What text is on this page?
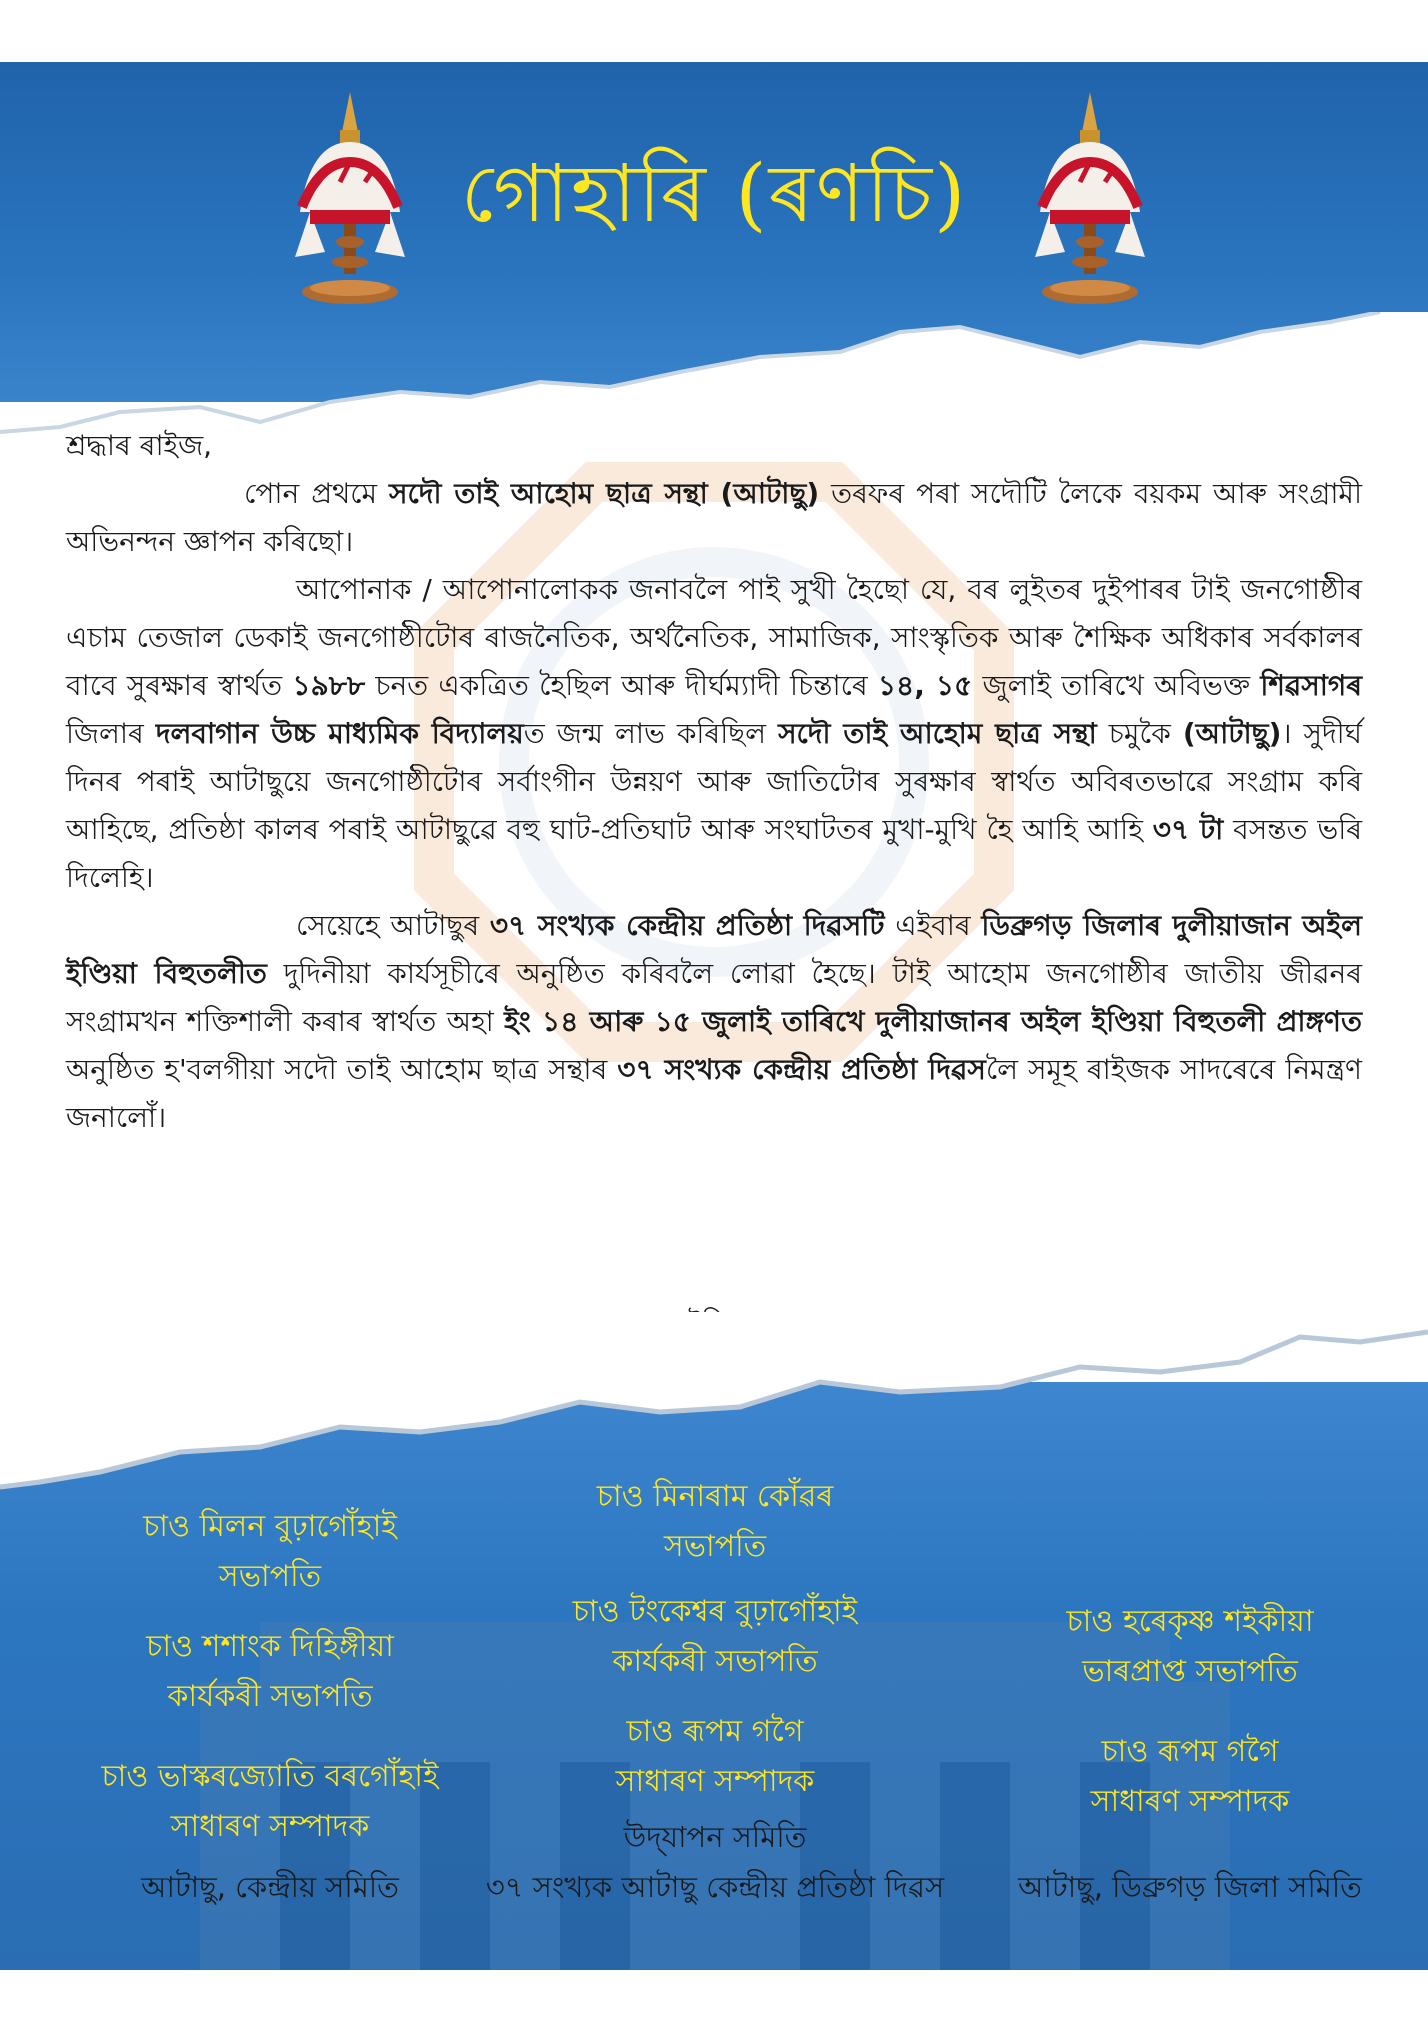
গোহাৰি (ৰণচি)

শ্ৰদ্ধাৰ ৰাইজ,

পোন প্ৰথমে সদৌ তাই আহোম ছাত্ৰ সন্থা (আটাছু) তৰফৰ পৰা সদৌটি লৈকে বয়কম আৰু সংগ্ৰামী অভিনন্দন জ্ঞাপন কৰিছো।

আপোনাক / আপোনালোকক জনাবলৈ পাই সুখী হৈছো যে, বৰ লুইতৰ দুইপাৰৰ টাই জনগোষ্ঠীৰ এচাম তেজাল ডেকাই জনগোষ্ঠীটোৰ ৰাজনৈতিক, অৰ্থনৈতিক, সামাজিক, সাংস্কৃতিক আৰু শৈক্ষিক অধিকাৰ সৰ্বকালৰ বাবে সুৰক্ষাৰ স্বাৰ্থত ১৯৮৮ চনত একত্ৰিত হৈছিল আৰু দীৰ্ঘম্যাদী চিন্তাৰে ১৪, ১৫ জুলাই তাৰিখে অবিভক্ত শিৱসাগৰ জিলাৰ দলবাগান উচ্চ মাধ্যমিক বিদ্যালয়ত জন্ম লাভ কৰিছিল সদৌ তাই আহোম ছাত্ৰ সন্থা চমুকৈ (আটাছু)। সুদীৰ্ঘ দিনৰ পৰাই আটাছুয়ে জনগোষ্ঠীটোৰ সৰ্বাংগীন উন্নয়ণ আৰু জাতিটোৰ সুৰক্ষাৰ স্বাৰ্থত অবিৰতভাৱে সংগ্ৰাম কৰি আহিছে, প্ৰতিষ্ঠা কালৰ পৰাই আটাছুৱে বহু ঘাট-প্ৰতিঘাট আৰু সংঘাটতৰ মুখা-মুখি হৈ আহি আহি ৩৭ টা বসন্তত ভৰি দিলেহি।

সেয়েহে আটাছুৰ ৩৭ সংখ্যক কেন্দ্ৰীয় প্ৰতিষ্ঠা দিৱসটি এইবাৰ ডিব্ৰুগড় জিলাৰ দুলীয়াজান অইল ইণ্ডিয়া বিহুতলীত দুদিনীয়া কাৰ্যসূচীৰে অনুষ্ঠিত কৰিবলৈ লোৱা হৈছে। টাই আহোম জনগোষ্ঠীৰ জাতীয় জীৱনৰ সংগ্ৰামখন শক্তিশালী কৰাৰ স্বাৰ্থত অহা ইং ১৪ আৰু ১৫ জুলাই তাৰিখে দুলীয়াজানৰ অইল ইণ্ডিয়া বিহুতলী প্ৰাঙ্গণত অনুষ্ঠিত হ'বলগীয়া সদৌ তাই আহোম ছাত্ৰ সন্থাৰ ৩৭ সংখ্যক কেন্দ্ৰীয় প্ৰতিষ্ঠা দিৱসলৈ সমূহ ৰাইজক সাদৰেৰে নিমন্ত্ৰণ জনালোঁ।

চাও মিলন বুঢ়াগোঁহাই
সভাপতি
চাও শশাংক দিহিঙ্গীয়া
কাৰ্যকৰী সভাপতি
চাও ভাস্কৰজ্যোতি বৰগোঁহাই
সাধাৰণ সম্পাদক
আটাছু, কেন্দ্ৰীয় সমিতি
চাও মিনাৰাম কোঁৱৰ
সভাপতি
চাও টংকেশ্বৰ বুঢ়াগোঁহাই
কাৰ্যকৰী সভাপতি
চাও ৰূপম গগৈ
সাধাৰণ সম্পাদক
উদ্‌যাপন সমিতি
৩৭ সংখ্যক আটাছু কেন্দ্ৰীয় প্ৰতিষ্ঠা দিৱস
চাও হৰেকৃষ্ণ শইকীয়া
ভাৰপ্ৰাপ্ত সভাপতি
চাও ৰূপম গগৈ
সাধাৰণ সম্পাদক
আটাছু, ডিব্ৰুগড় জিলা সমিতি
